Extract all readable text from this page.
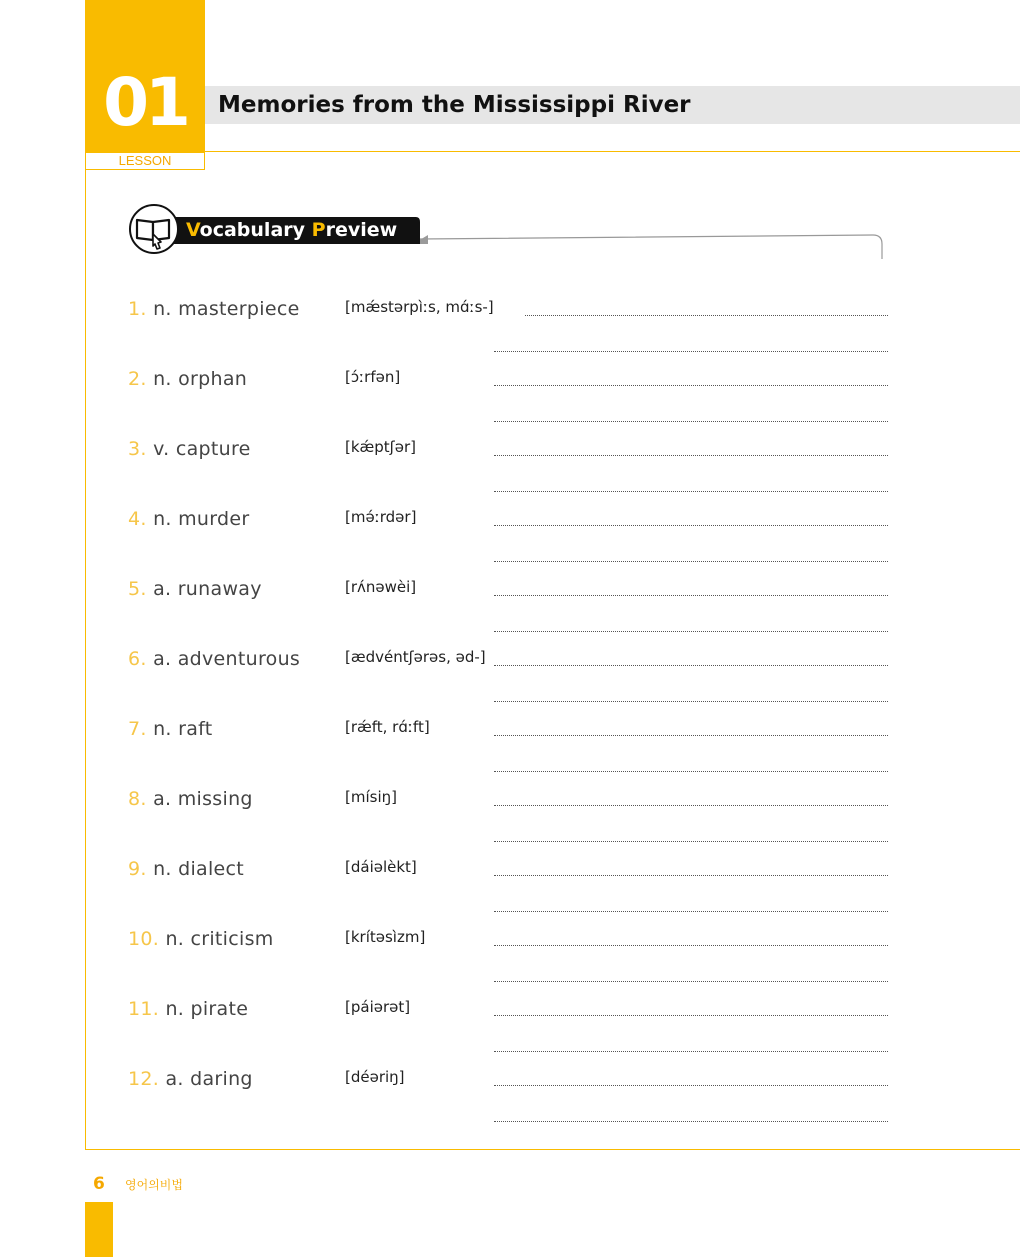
01
LESSON
Memories from the Mississippi River
Vocabulary Preview
1. n. masterpiece	[mǽstərpìːs, mɑ́ːs-]
2. n. orphan	[ɔ́ːrfən]
3. v. capture	[kǽptʃər]
4. n. murder	[mə́ːrdər]
5. a. runaway	[rʌ́nəwèi]
6. a. adventurous	[ædvéntʃərəs, əd-]
7. n. raft	[rǽft, rɑ́ːft]
8. a. missing	[mísiŋ]
9. n. dialect	[dáiəlèkt]
10. n. criticism	[krítəsìzm]
11. n. pirate	[páiərət]
12. a. daring	[déəriŋ]
6 영어의비법
